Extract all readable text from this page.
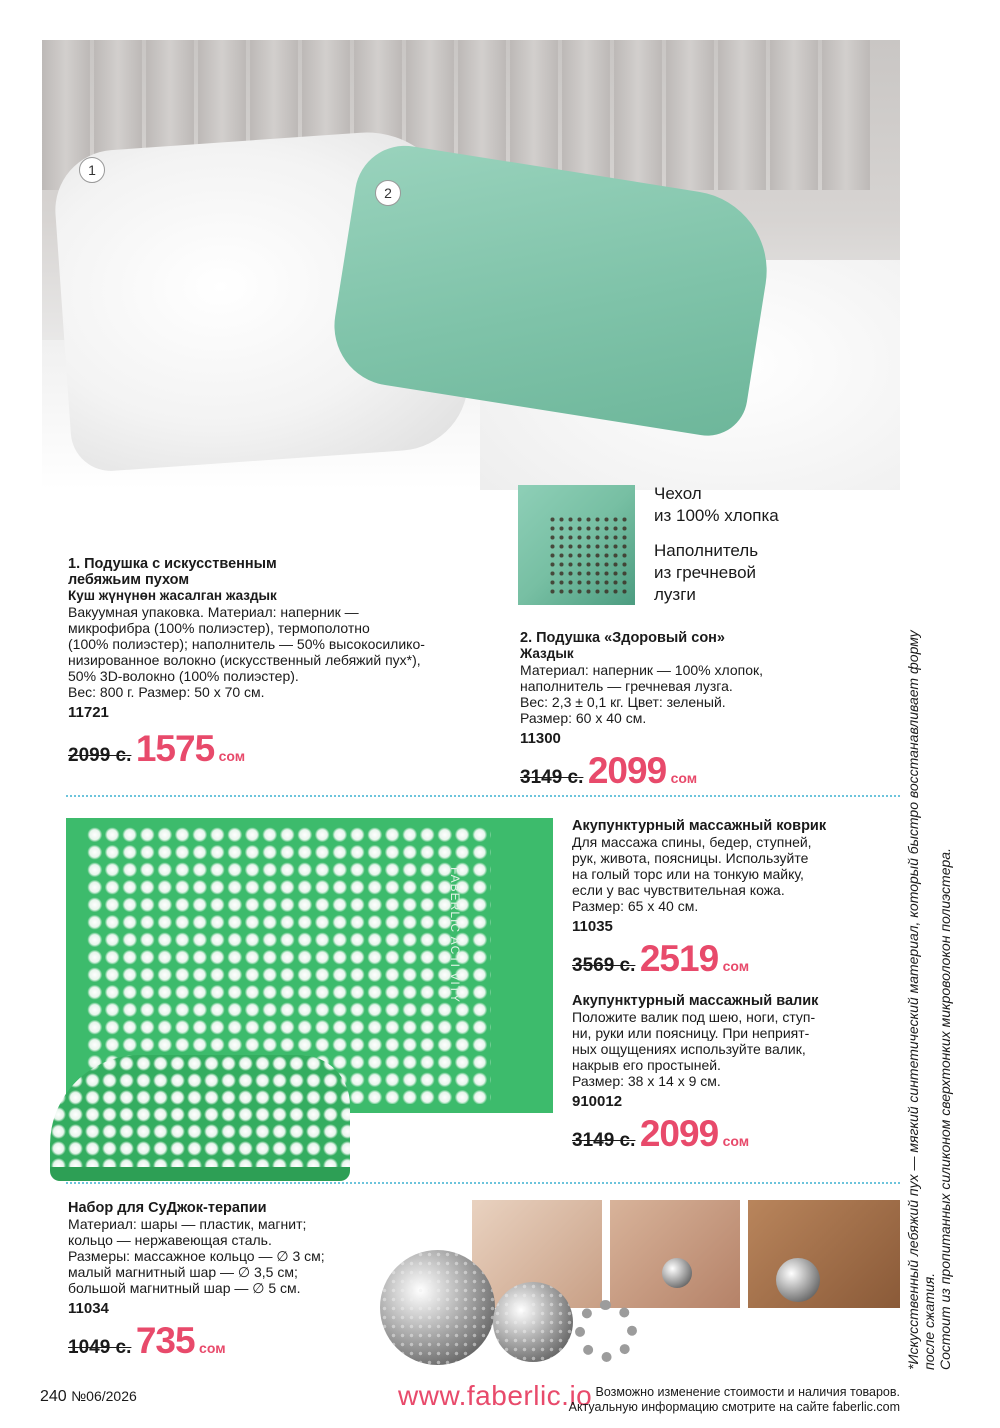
1
2
Чехол
из 100% хлопка
Наполнитель
из гречневой
лузги
1. Подушка с искусственным
лебяжьим пухом
Куш жүнүнөн жасалган жаздык
Вакуумная упаковка. Материал: наперник —
микрофибра (100% полиэстер), термополотно
(100% полиэстер); наполнитель — 50% высокосилико-
низированное волокно (искусственный лебяжий пух*),
50% 3D-волокно (100% полиэстер).
Вес: 800 г. Размер: 50 х 70 см.
11721
2099 с. 1575 сом
2. Подушка «Здоровый сон»
Жаздык
Материал: наперник — 100% хлопок,
наполнитель — гречневая лузга.
Вес: 2,3 ± 0,1 кг. Цвет: зеленый.
Размер: 60 х 40 см.
11300
3149 с. 2099 сом
FABERLIC ACTI VITY
Акупунктурный массажный коврик
Для массажа спины, бедер, ступней,
рук, живота, поясницы. Используйте
на голый торс или на тонкую майку,
если у вас чувствительная кожа.
Размер: 65 х 40 см.
11035
3569 с. 2519 сом
Акупунктурный массажный валик
Положите валик под шею, ноги, ступ-
ни, руки или поясницу. При неприят-
ных ощущениях используйте валик,
накрыв его простыней.
Размер: 38 х 14 х 9 см.
910012
3149 с. 2099 сом
Набор для СуДжок-терапии
Материал: шары — пластик, магнит;
кольцо — нержавеющая сталь.
Размеры: массажное кольцо — ∅ 3 см;
малый магнитный шар — ∅ 3,5 см;
большой магнитный шар — ∅ 5 см.
11034
1049 с. 735 сом	*Искусственный лебяжий пух — мягкий синтетический материал, который быстро восстанавливает форму после сжатия. Состоит из пропитанных силиконом сверхтонких микроволокон полиэстера.
240 №06/2026	www.faberlic.io Возможно изменение стоимости и наличия товаров.
Актуальную информацию смотрите на сайте faberlic.com
